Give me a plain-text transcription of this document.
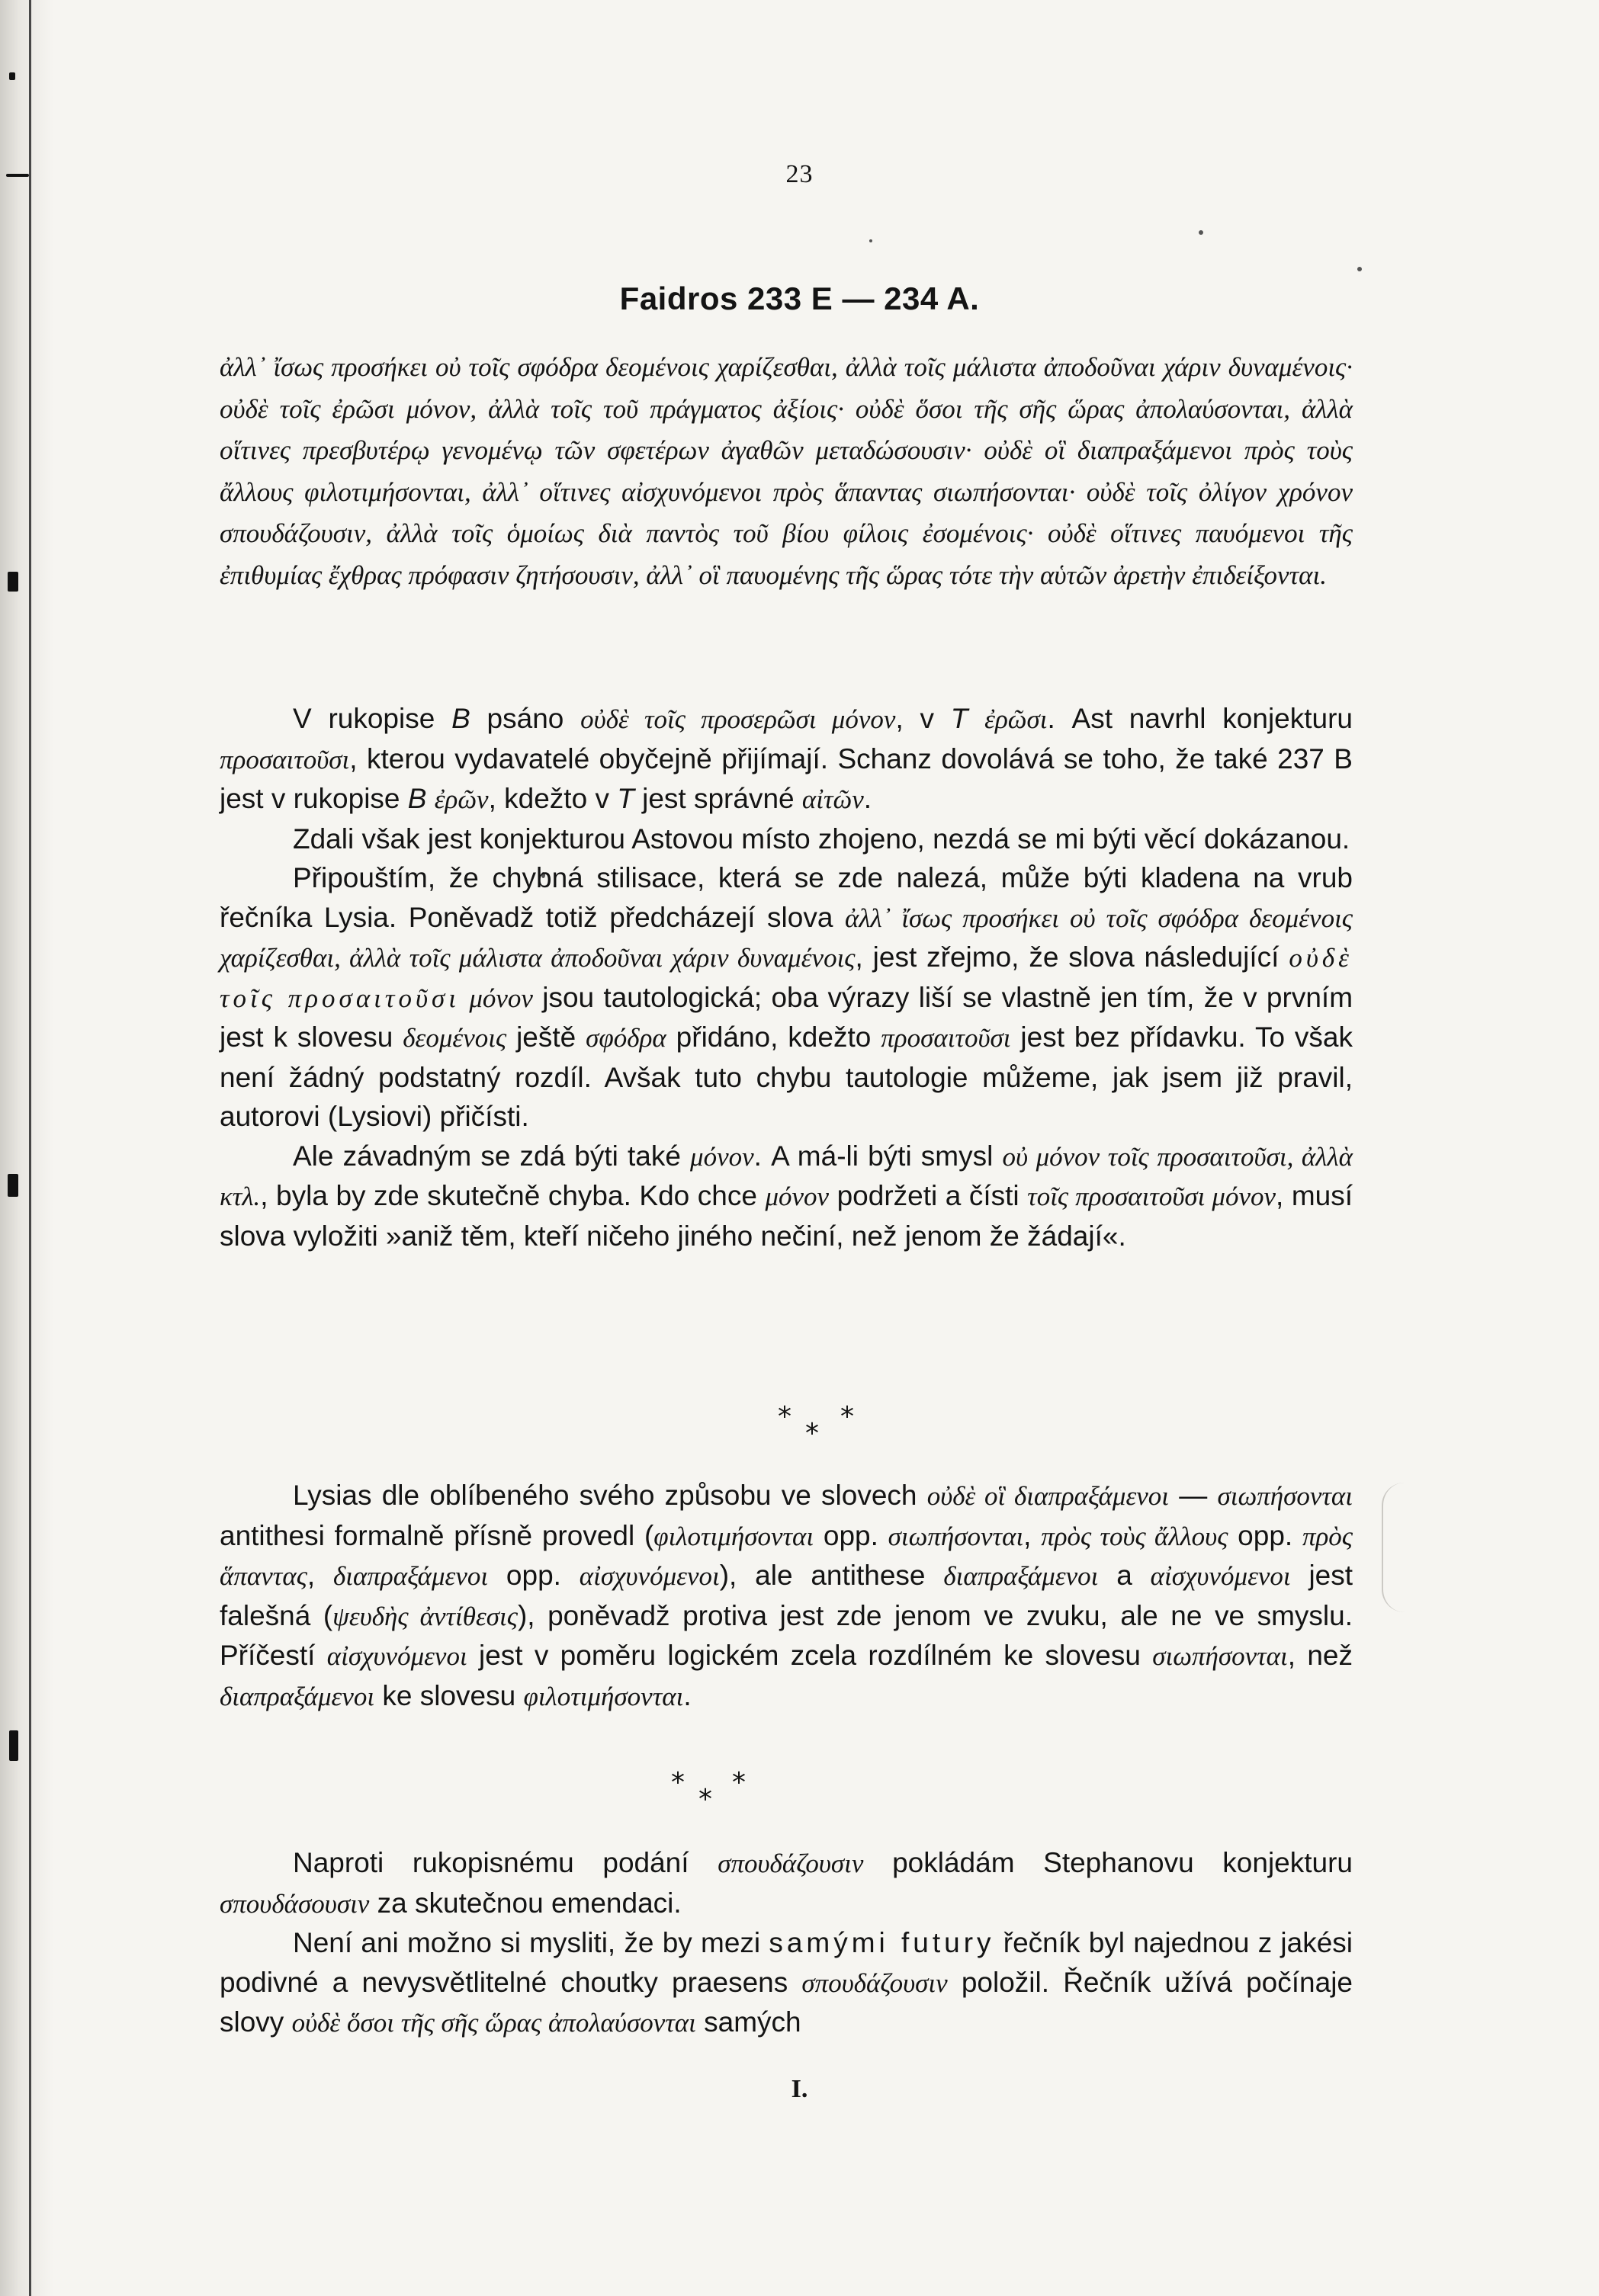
23
Faidros 233 E — 234 A.
ἀλλ᾽ ἴσως προσήκει οὐ τοῖς σφόδρα δεομένοις χαρίζεσθαι, ἀλλὰ τοῖς μάλιστα ἀποδοῦναι χάριν δυναμένοις· οὐδὲ τοῖς ἐρῶσι μόνον, ἀλλὰ τοῖς τοῦ πράγματος ἀξίοις· οὐδὲ ὅσοι τῆς σῆς ὥρας ἀπολαύσονται, ἀλλὰ οἵτινες πρεσβυτέρῳ γενομένῳ τῶν σφετέρων ἀγαθῶν μεταδώσουσιν· οὐδὲ οἳ διαπραξάμενοι πρὸς τοὺς ἄλλους φιλοτιμήσονται, ἀλλ᾽ οἵτινες αἰσχυνόμενοι πρὸς ἅπαντας σιωπήσονται· οὐδὲ τοῖς ὀλίγον χρόνον σπουδάζουσιν, ἀλλὰ τοῖς ὁμοίως διὰ παντὸς τοῦ βίου φίλοις ἐσομένοις· οὐδὲ οἵτινες παυόμενοι τῆς ἐπιθυμίας ἔχθρας πρόφασιν ζητήσουσιν, ἀλλ᾽ οἳ παυομένης τῆς ὥρας τότε τὴν αὑτῶν ἀρετὴν ἐπιδείξονται.

V rukopise B psáno οὐδὲ τοῖς προσερῶσι μόνον, v T ἐρῶσι. Ast navrhl konjekturu προσαιτοῦσι, kterou vydavatelé obyčejně přijímají. Schanz dovolává se toho, že také 237 B jest v rukopise B ἐρῶν, kdežto v T jest správné αἰτῶν.

Zdali však jest konjekturou Astovou místo zhojeno, nezdá se mi býti věcí dokázanou.

Připouštím, že chybná stilisace, která se zde nalezá, může býti kladena na vrub řečníka Lysia. Poněvadž totiž předcházejí slova ἀλλ᾽ ἴσως προσήκει οὐ τοῖς σφόδρα δεομένοις χαρίζεσθαι, ἀλλὰ τοῖς μάλιστα ἀποδοῦναι χάριν δυναμένοις, jest zřejmo, že slova následující οὐδὲ τοῖς προσαιτοῦσι μόνον jsou tautologická; oba výrazy liší se vlastně jen tím, že v prvním jest k slovesu δεομένοις ještě σφόδρα přidáno, kdežto προσαιτοῦσι jest bez přídavku. To však není žádný podstatný rozdíl. Avšak tuto chybu tautologie můžeme, jak jsem již pravil, autorovi (Lysiovi) přičísti.

Ale závadným se zdá býti také μόνον. A má-li býti smysl οὐ μόνον τοῖς προσαιτοῦσι, ἀλλὰ κτλ., byla by zde skutečně chyba. Kdo chce μόνον podržeti a čísti τοῖς προσαιτοῦσι μόνον, musí slova vyložiti »aniž těm, kteří ničeho jiného nečiní, než jenom že žádají«.

*
*
*

Lysias dle oblíbeného svého způsobu ve slovech οὐδὲ οἳ διαπραξάμενοι — σιωπήσονται antithesi formalně přísně provedl (φιλοτιμήσονται opp. σιωπήσονται, πρὸς τοὺς ἄλλους opp. πρὸς ἅπαντας, διαπραξάμενοι opp. αἰσχυνόμενοι), ale antithese διαπραξάμενοι a αἰσχυνόμενοι jest falešná (ψευδὴς ἀντίθεσις), poněvadž protiva jest zde jenom ve zvuku, ale ne ve smyslu. Příčestí αἰσχυνόμενοι jest v poměru logickém zcela rozdílném ke slovesu σιωπήσονται, než διαπραξάμενοι ke slovesu φιλοτιμήσονται.

*
*
*

Naproti rukopisnému podání σπουδάζουσιν pokládám Stephanovu konjekturu σπουδάσουσιν za skutečnou emendaci.

Není ani možno si mysliti, že by mezi samými futury řečník byl najednou z jakési podivné a nevysvětlitelné choutky praesens σπουδάζουσιν položil. Řečník užívá počínaje slovy οὐδὲ ὅσοι τῆς σῆς ὥρας ἀπολαύσονται samých

I.
